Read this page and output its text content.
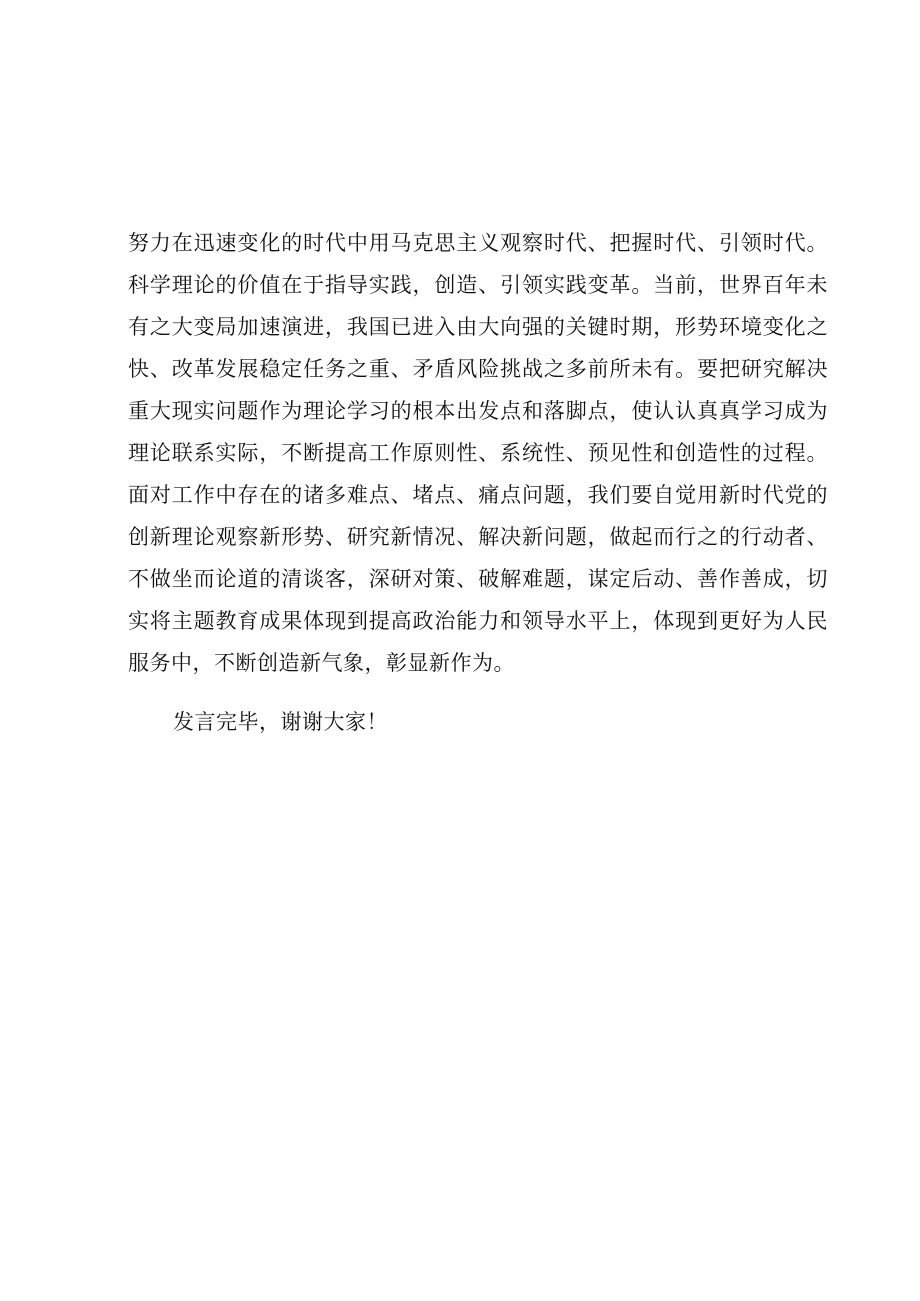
努力在迅速变化的时代中用马克思主义观察时代、把握时代、引领时代。
科学理论的价值在于指导实践，创造、引领实践变革。当前，世界百年未
有之大变局加速演进，我国已进入由大向强的关键时期，形势环境变化之
快、改革发展稳定任务之重、矛盾风险挑战之多前所未有。要把研究解决
重大现实问题作为理论学习的根本出发点和落脚点，使认认真真学习成为
理论联系实际，不断提高工作原则性、系统性、预见性和创造性的过程。
面对工作中存在的诸多难点、堵点、痛点问题，我们要自觉用新时代党的
创新理论观察新形势、研究新情况、解决新问题，做起而行之的行动者、
不做坐而论道的清谈客，深研对策、破解难题，谋定后动、善作善成，切
实将主题教育成果体现到提高政治能力和领导水平上，体现到更好为人民
服务中，不断创造新气象，彰显新作为。
发言完毕，谢谢大家！
